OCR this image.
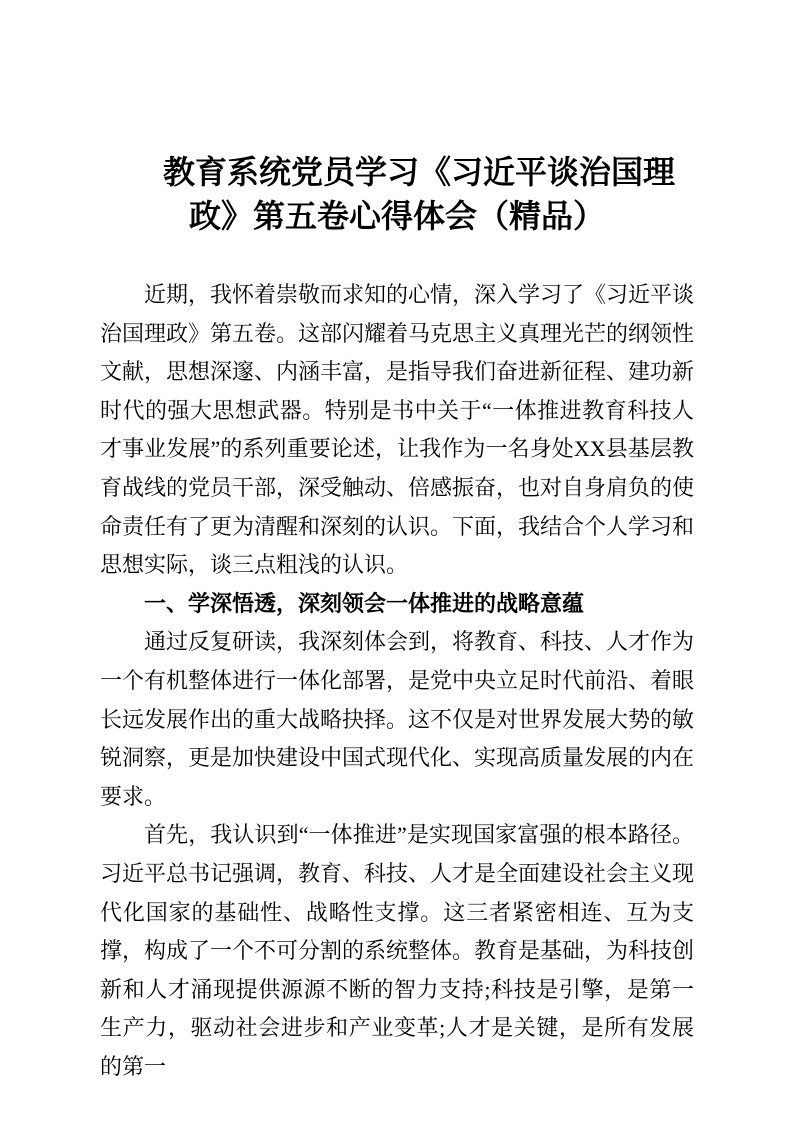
教育系统党员学习《习近平谈治国理
政》第五卷心得体会（精品）

近期，我怀着崇敬而求知的心情，深入学习了《习近平谈治国理政》第五卷。这部闪耀着马克思主义真理光芒的纲领性文献，思想深邃、内涵丰富，是指导我们奋进新征程、建功新时代的强大思想武器。特别是书中关于“一体推进教育科技人才事业发展”的系列重要论述，让我作为一名身处XX县基层教育战线的党员干部，深受触动、倍感振奋，也对自身肩负的使命责任有了更为清醒和深刻的认识。下面，我结合个人学习和思想实际，谈三点粗浅的认识。

一、学深悟透，深刻领会一体推进的战略意蕴

通过反复研读，我深刻体会到，将教育、科技、人才作为一个有机整体进行一体化部署，是党中央立足时代前沿、着眼长远发展作出的重大战略抉择。这不仅是对世界发展大势的敏锐洞察，更是加快建设中国式现代化、实现高质量发展的内在要求。

首先，我认识到“一体推进”是实现国家富强的根本路径。习近平总书记强调，教育、科技、人才是全面建设社会主义现代化国家的基础性、战略性支撑。这三者紧密相连、互为支撑，构成了一个不可分割的系统整体。教育是基础，为科技创新和人才涌现提供源源不断的智力支持;科技是引擎，是第一生产力，驱动社会进步和产业变革;人才是关键，是所有发展的第一
